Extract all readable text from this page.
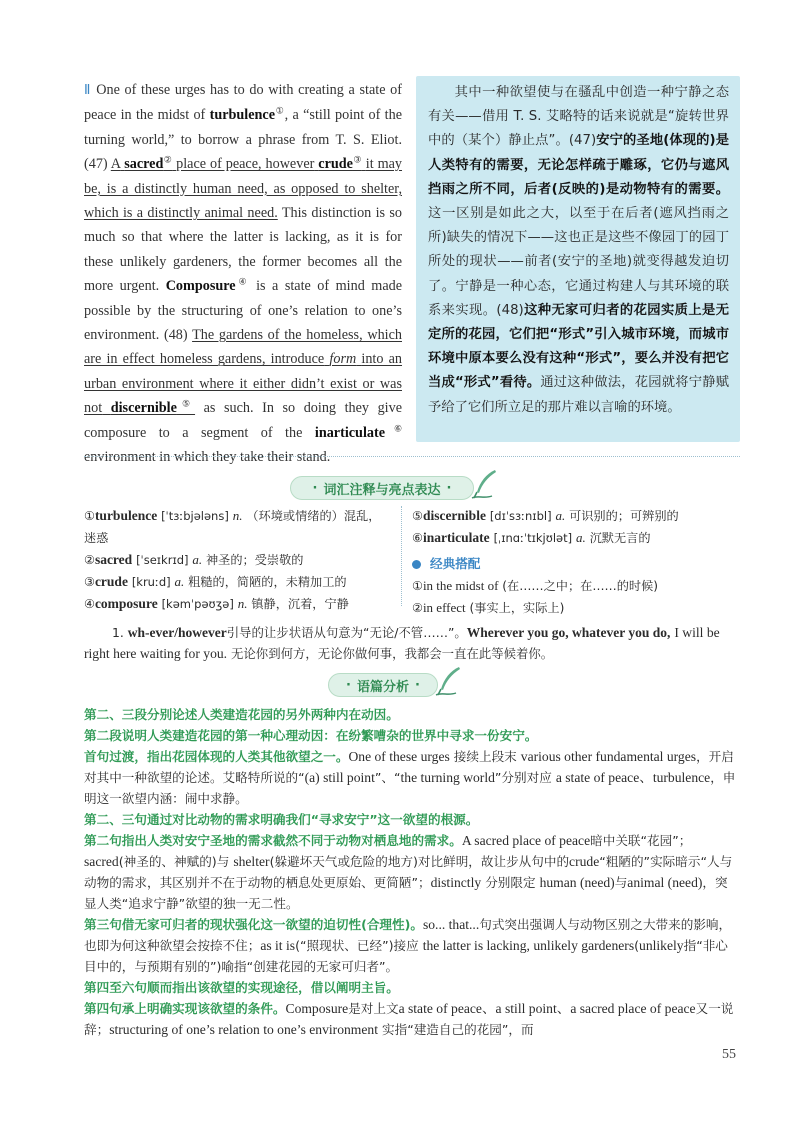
Ⅱ One of these urges has to do with creating a state of peace in the midst of turbulence①, a “still point of the turning world,” to borrow a phrase from T. S. Eliot. (47) A sacred② place of peace, however crude③ it may be, is a distinctly human need, as opposed to shelter, which is a distinctly animal need. This distinction is so much so that where the latter is lacking, as it is for these unlikely gardeners, the former becomes all the more urgent. Composure④ is a state of mind made possible by the structuring of one’s relation to one’s environment. (48) The gardens of the homeless, which are in effect homeless gardens, introduce form into an urban environment where it either didn’t exist or was not discernible⑤ as such. In so doing they give composure to a segment of the inarticulate⑥ environment in which they take their stand.
其中一种欲望使与在骚乱中创造一种宁静之态有关——借用 T. S. 艾略特的话来说就是“旋转世界中的（某个）静止点”。(47)安宁的圣地(体现的)是人类特有的需要，无论怎样疏于雕琢，它仍与遮风挡雨之所不同，后者(反映的)是动物特有的需要。这一区别是如此之大，以至于在后者(遮风挡雨之所)缺失的情况下——这也正是这些不像园丁的园丁所处的现状——前者(安宁的圣地)就变得越发迫切了。宁静是一种心态，它通过构建人与其环境的联系来实现。(48)这种无家可归者的花园实质上是无定所的花园，它们把“形式”引入城市环境，而城市环境中原本要么没有这种“形式”，要么并没有把它当成“形式”看待。通过这种做法，花园就将宁静赋予给了它们所立足的那片难以言喻的环境。
· 词汇注释与亮点表达 ·
①turbulence [ˈtɜːbjələns] n. （环境或情绪的）混乱，迷惑
②sacred [ˈseɪkrɪd] a. 神圣的；受崇敬的
③crude [kruːd] a. 粗糙的，简陋的，未精加工的
④composure [kəmˈpəʊʒə] n. 镇静，沉着，宁静
⑤discernible [dɪˈsɜːnɪbl] a. 可识别的；可辨别的
⑥inarticulate [ˌɪnɑːˈtɪkjʊlət] a. 沉默无言的
经典搭配
①in the midst of (在……之中；在……的时候)
②in effect (事实上，实际上)
1. wh-ever/however引导的让步状语从句意为“无论/不管……”。Wherever you go, whatever you do, I will be right here waiting for you. 无论你到何方，无论你做何事，我都会一直在此等候着你。
· 语篇分析 ·

第二、三段分别论述人类建造花园的另外两种内在动因。

第二段说明人类建造花园的第一种心理动因：在纷繁嘈杂的世界中寻求一份安宁。

首句过渡，指出花园体现的人类其他欲望之一。One of these urges 接续上段末 various other fundamental urges，开启对其中一种欲望的论述。艾略特所说的“(a) still point”、“the turning world”分别对应 a state of peace、turbulence，申明这一欲望内涵：闹中求静。

第二、三句通过对比动物的需求明确我们“寻求安宁”这一欲望的根源。

第二句指出人类对安宁圣地的需求截然不同于动物对栖息地的需求。A sacred place of peace暗中关联“花园”；sacred(神圣的、神赋的)与 shelter(躲避坏天气或危险的地方)对比鲜明，故让步从句中的crude“粗陋的”实际暗示“人与动物的需求，其区别并不在于动物的栖息处更原始、更简陋”；distinctly 分别限定 human (need)与animal (need)，突显人类“追求宁静”欲望的独一无二性。

第三句借无家可归者的现状强化这一欲望的迫切性(合理性)。so... that...句式突出强调人与动物区别之大带来的影响，也即为何这种欲望会按捺不住；as it is(“照现状、已经”)接应 the latter is lacking, unlikely gardeners(unlikely指“非心目中的，与预期有别的”)喻指“创建花园的无家可归者”。

第四至六句顺而指出该欲望的实现途径，借以阐明主旨。

第四句承上明确实现该欲望的条件。Composure是对上文a state of peace、a still point、a sacred place of peace又一说辞；structuring of one’s relation to one’s environment 实指“建造自己的花园”，而

55
